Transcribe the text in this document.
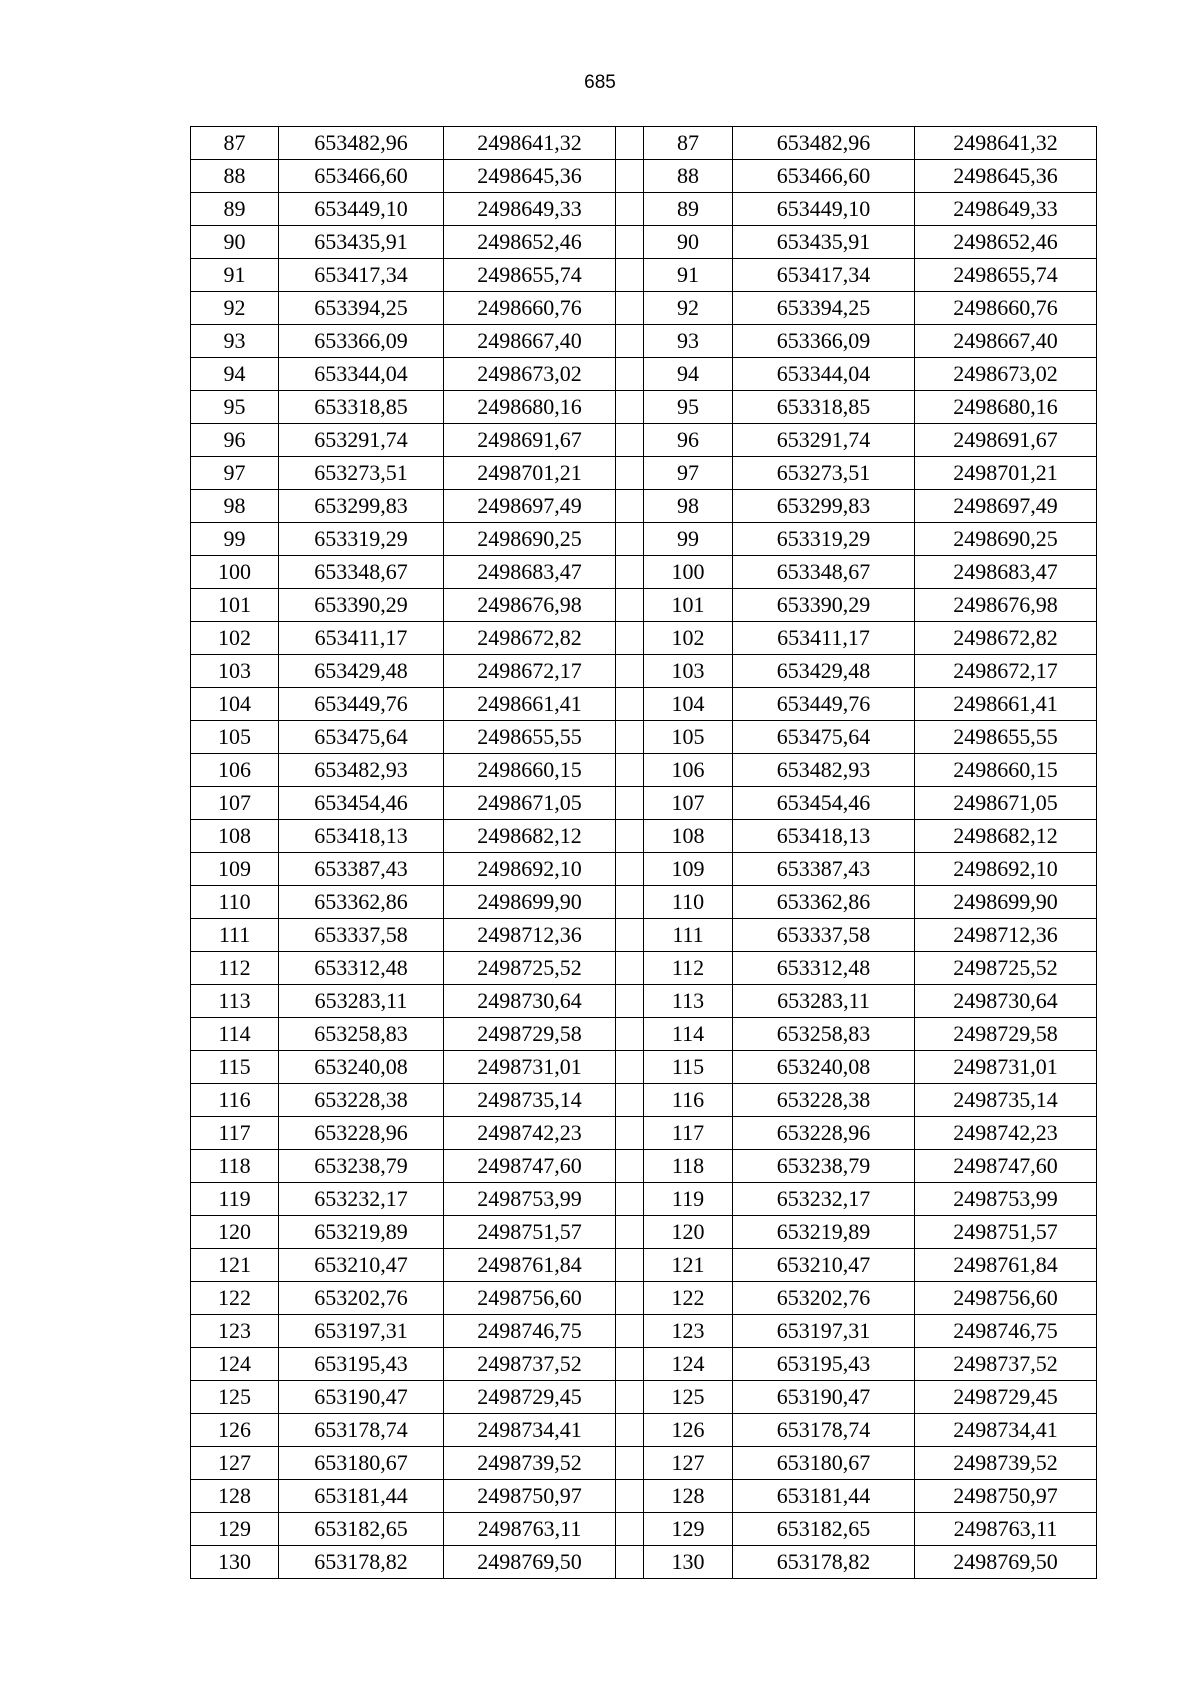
685
87	653482,96	2498641,32		87	653482,96	2498641,32
88	653466,60	2498645,36		88	653466,60	2498645,36
89	653449,10	2498649,33		89	653449,10	2498649,33
90	653435,91	2498652,46		90	653435,91	2498652,46
91	653417,34	2498655,74		91	653417,34	2498655,74
92	653394,25	2498660,76		92	653394,25	2498660,76
93	653366,09	2498667,40		93	653366,09	2498667,40
94	653344,04	2498673,02		94	653344,04	2498673,02
95	653318,85	2498680,16		95	653318,85	2498680,16
96	653291,74	2498691,67		96	653291,74	2498691,67
97	653273,51	2498701,21		97	653273,51	2498701,21
98	653299,83	2498697,49		98	653299,83	2498697,49
99	653319,29	2498690,25		99	653319,29	2498690,25
100	653348,67	2498683,47		100	653348,67	2498683,47
101	653390,29	2498676,98		101	653390,29	2498676,98
102	653411,17	2498672,82		102	653411,17	2498672,82
103	653429,48	2498672,17		103	653429,48	2498672,17
104	653449,76	2498661,41		104	653449,76	2498661,41
105	653475,64	2498655,55		105	653475,64	2498655,55
106	653482,93	2498660,15		106	653482,93	2498660,15
107	653454,46	2498671,05		107	653454,46	2498671,05
108	653418,13	2498682,12		108	653418,13	2498682,12
109	653387,43	2498692,10		109	653387,43	2498692,10
110	653362,86	2498699,90		110	653362,86	2498699,90
111	653337,58	2498712,36		111	653337,58	2498712,36
112	653312,48	2498725,52		112	653312,48	2498725,52
113	653283,11	2498730,64		113	653283,11	2498730,64
114	653258,83	2498729,58		114	653258,83	2498729,58
115	653240,08	2498731,01		115	653240,08	2498731,01
116	653228,38	2498735,14		116	653228,38	2498735,14
117	653228,96	2498742,23		117	653228,96	2498742,23
118	653238,79	2498747,60		118	653238,79	2498747,60
119	653232,17	2498753,99		119	653232,17	2498753,99
120	653219,89	2498751,57		120	653219,89	2498751,57
121	653210,47	2498761,84		121	653210,47	2498761,84
122	653202,76	2498756,60		122	653202,76	2498756,60
123	653197,31	2498746,75		123	653197,31	2498746,75
124	653195,43	2498737,52		124	653195,43	2498737,52
125	653190,47	2498729,45		125	653190,47	2498729,45
126	653178,74	2498734,41		126	653178,74	2498734,41
127	653180,67	2498739,52		127	653180,67	2498739,52
128	653181,44	2498750,97		128	653181,44	2498750,97
129	653182,65	2498763,11		129	653182,65	2498763,11
130	653178,82	2498769,50		130	653178,82	2498769,50
